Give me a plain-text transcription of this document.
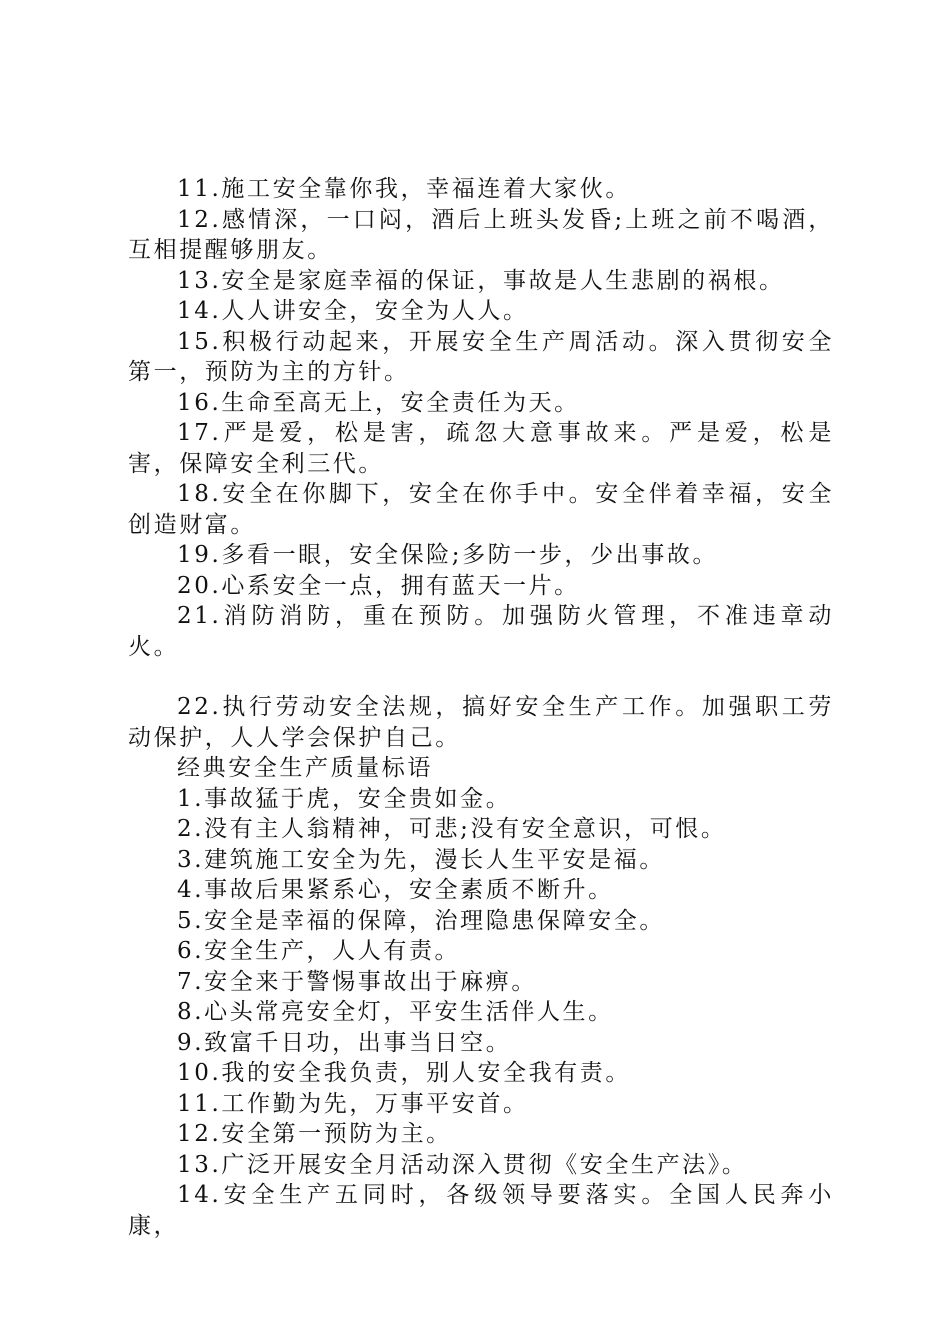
11.施工安全靠你我，幸福连着大家伙。

12.感情深，一口闷，酒后上班头发昏;上班之前不喝酒，互相提醒够朋友。

13.安全是家庭幸福的保证，事故是人生悲剧的祸根。

14.人人讲安全，安全为人人。

15.积极行动起来，开展安全生产周活动。深入贯彻安全第一，预防为主的方针。

16.生命至高无上，安全责任为天。

17.严是爱，松是害，疏忽大意事故来。严是爱，松是害，保障安全利三代。

18.安全在你脚下，安全在你手中。安全伴着幸福，安全创造财富。

19.多看一眼，安全保险;多防一步，少出事故。

20.心系安全一点，拥有蓝天一片。

21.消防消防，重在预防。加强防火管理，不准违章动火。

22.执行劳动安全法规，搞好安全生产工作。加强职工劳动保护，人人学会保护自己。

经典安全生产质量标语

1.事故猛于虎，安全贵如金。

2.没有主人翁精神，可悲;没有安全意识，可恨。

3.建筑施工安全为先，漫长人生平安是福。

4.事故后果紧系心，安全素质不断升。

5.安全是幸福的保障，治理隐患保障安全。

6.安全生产，人人有责。

7.安全来于警惕事故出于麻痹。

8.心头常亮安全灯，平安生活伴人生。

9.致富千日功，出事当日空。

10.我的安全我负责，别人安全我有责。

11.工作勤为先，万事平安首。

12.安全第一预防为主。

13.广泛开展安全月活动深入贯彻《安全生产法》。

14.安全生产五同时，各级领导要落实。全国人民奔小康，
